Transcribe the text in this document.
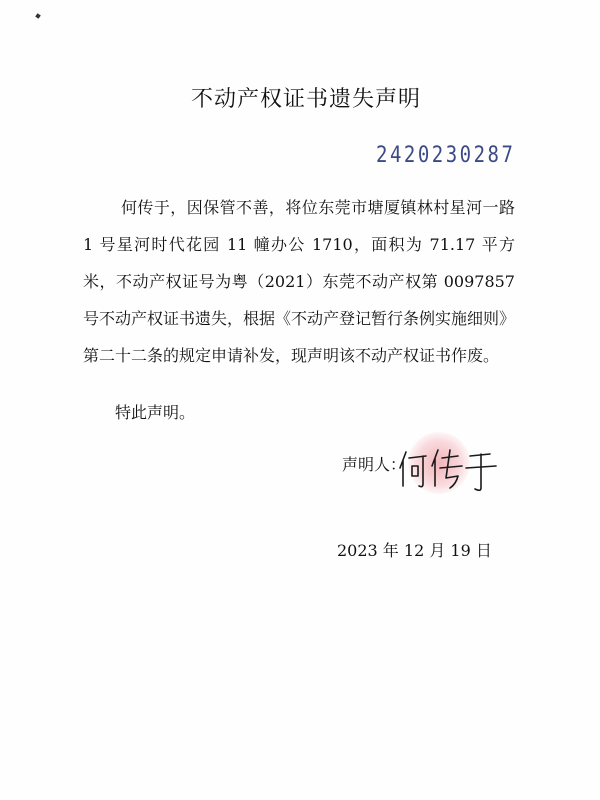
不动产权证书遗失声明
2420230287
何传于，因保管不善，将位东莞市塘厦镇林村星河一路 1 号星河时代花园 11 幢办公 1710，面积为 71.17 平方米，不动产权证号为粤（2021）东莞不动产权第 0097857 号不动产权证书遗失，根据《不动产登记暂行条例实施细则》第二十二条的规定申请补发，现声明该不动产权证书作废。
特此声明。
声明人：
2023 年 12 月 19 日
